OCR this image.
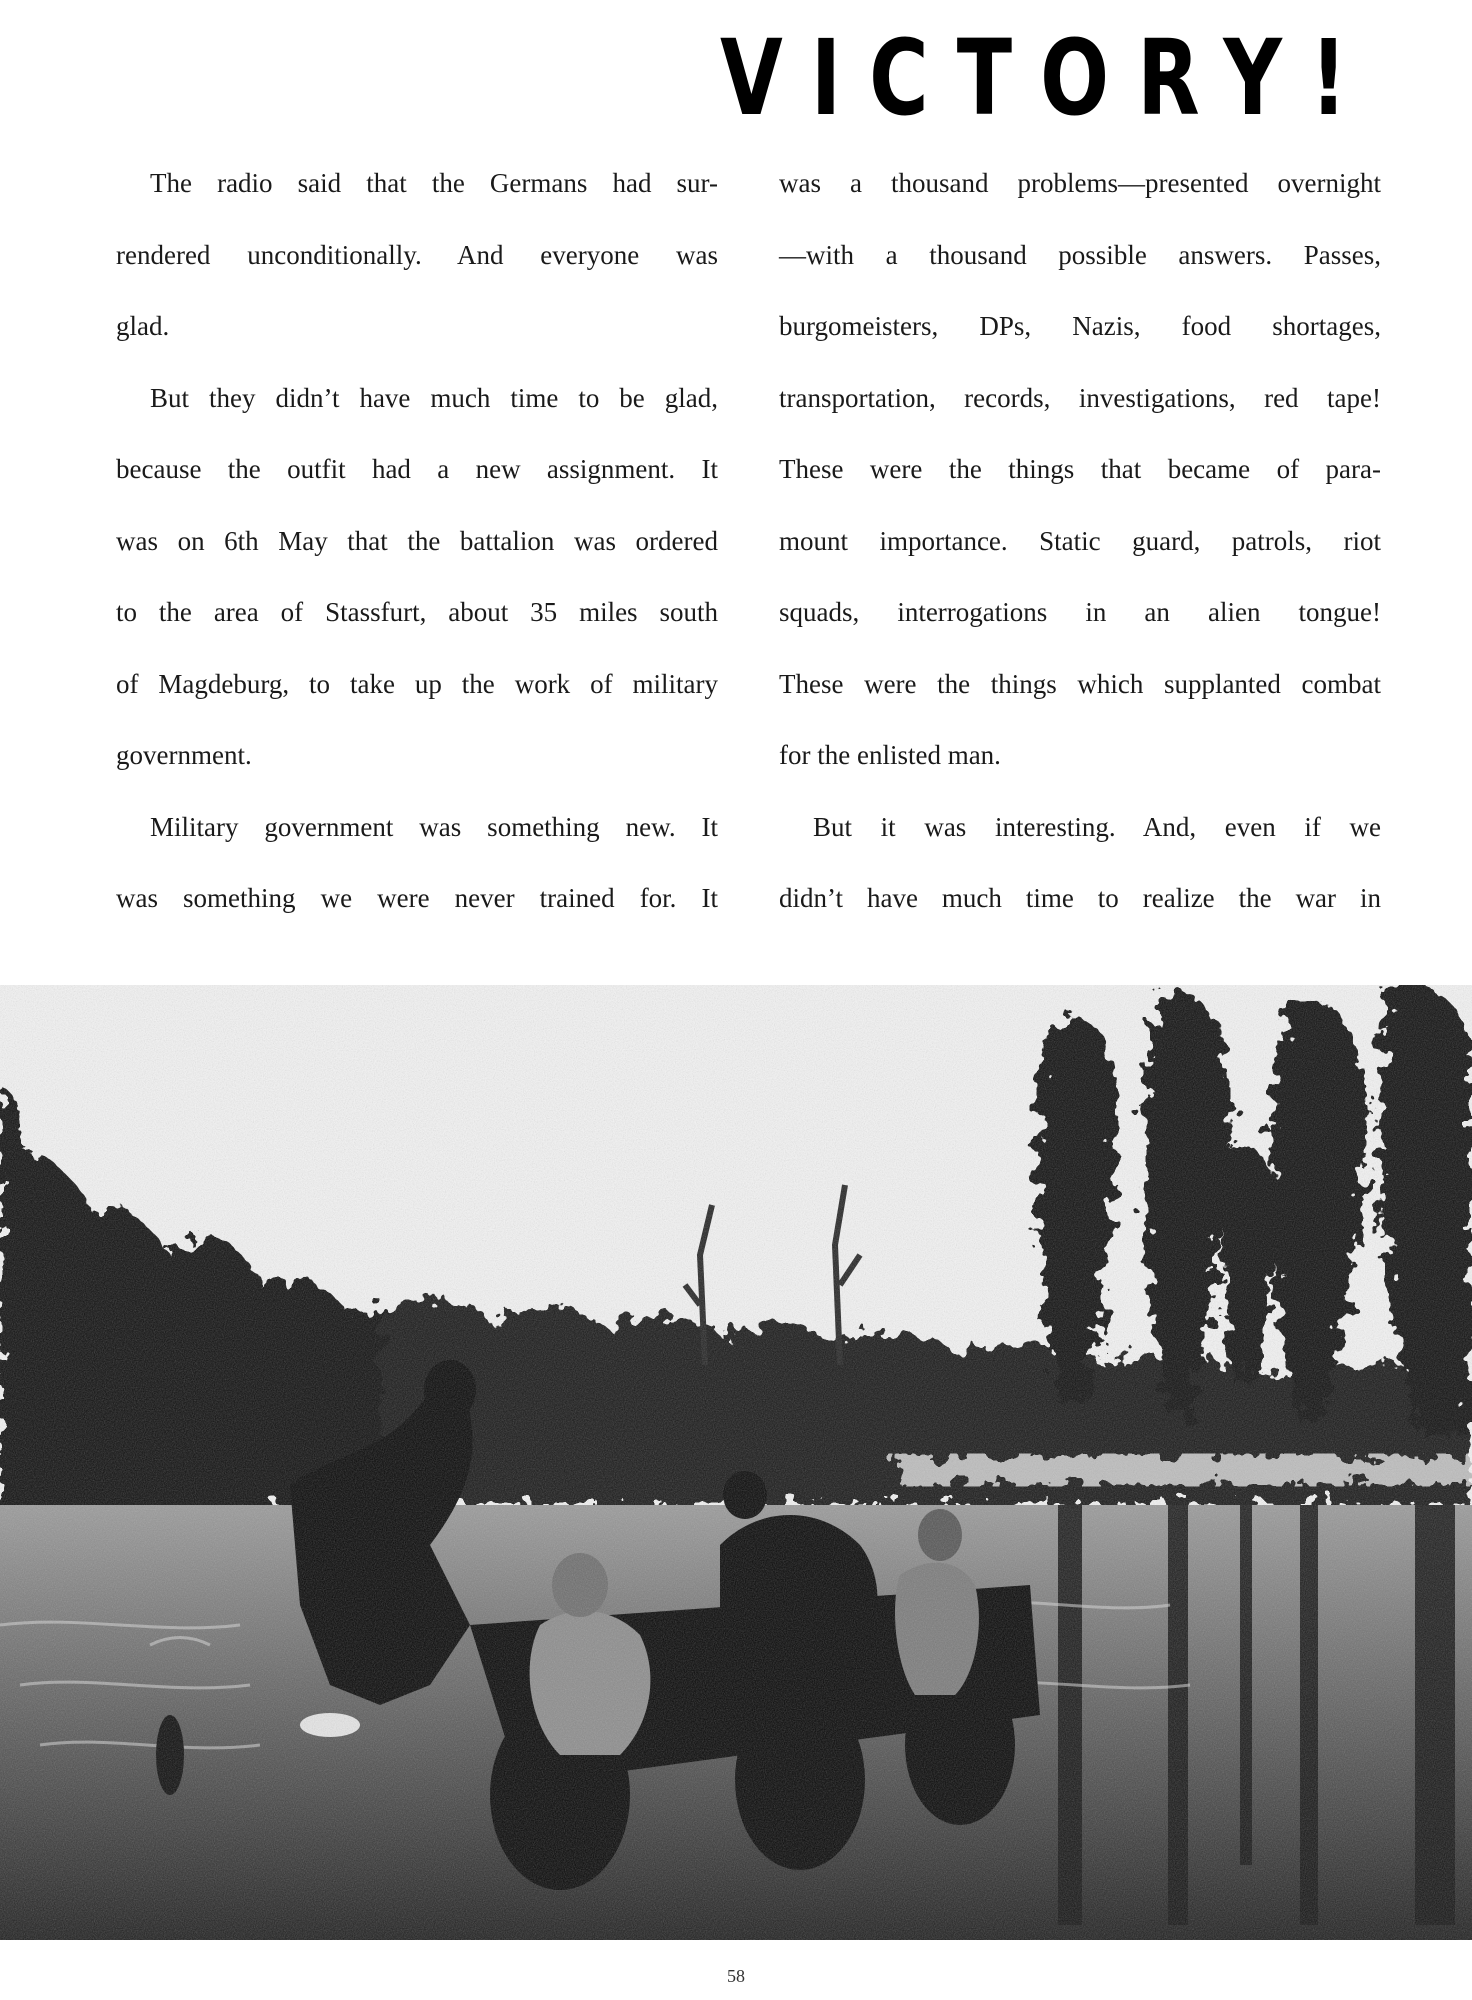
VICTORY!

The radio said that the Germans had sur-

rendered unconditionally. And everyone was

glad.

But they didn’t have much time to be glad,

because the outfit had a new assignment. It

was on 6th May that the battalion was ordered

to the area of Stassfurt, about 35 miles south

of Magdeburg, to take up the work of military

government.

Military government was something new. It

was something we were never trained for. It

was a thousand problems—presented overnight

—with a thousand possible answers. Passes,

burgomeisters, DPs, Nazis, food shortages,

transportation, records, investigations, red tape!

These were the things that became of para-

mount importance. Static guard, patrols, riot

squads, interrogations in an alien tongue!

These were the things which supplanted combat

for the enlisted man.

But it was interesting. And, even if we

didn’t have much time to realize the war in

58
